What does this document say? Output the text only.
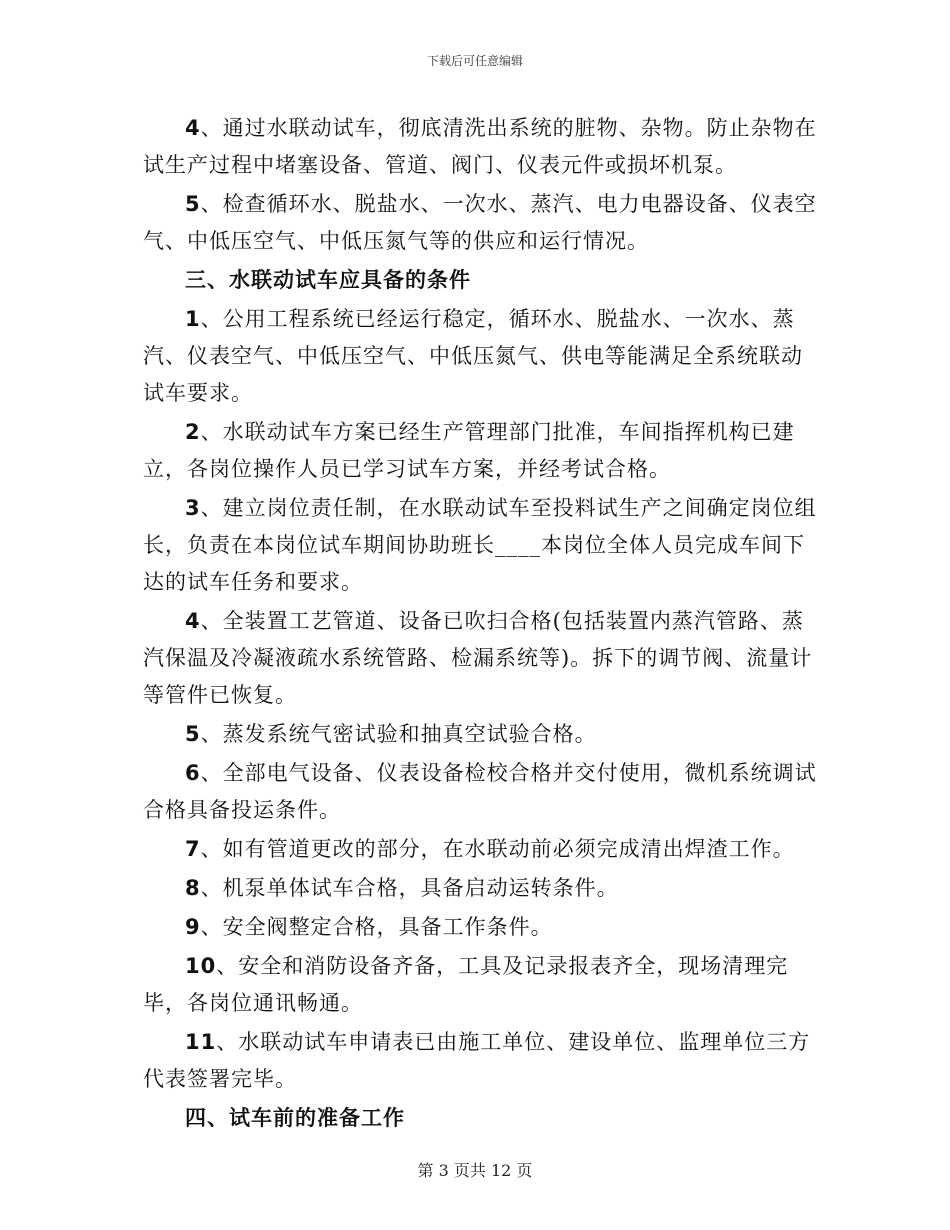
下载后可任意编辑

4、通过水联动试车，彻底清洗出系统的脏物、杂物。防止杂物在试生产过程中堵塞设备、管道、阀门、仪表元件或损坏机泵。

5、检查循环水、脱盐水、一次水、蒸汽、电力电器设备、仪表空气、中低压空气、中低压氮气等的供应和运行情况。

三、水联动试车应具备的条件

1、公用工程系统已经运行稳定，循环水、脱盐水、一次水、蒸汽、仪表空气、中低压空气、中低压氮气、供电等能满足全系统联动试车要求。

2、水联动试车方案已经生产管理部门批准，车间指挥机构已建立，各岗位操作人员已学习试车方案，并经考试合格。

3、建立岗位责任制，在水联动试车至投料试生产之间确定岗位组长，负责在本岗位试车期间协助班长____本岗位全体人员完成车间下达的试车任务和要求。

4、全装置工艺管道、设备已吹扫合格(包括装置内蒸汽管路、蒸汽保温及冷凝液疏水系统管路、检漏系统等)。拆下的调节阀、流量计等管件已恢复。

5、蒸发系统气密试验和抽真空试验合格。

6、全部电气设备、仪表设备检校合格并交付使用，微机系统调试合格具备投运条件。

7、如有管道更改的部分，在水联动前必须完成清出焊渣工作。

8、机泵单体试车合格，具备启动运转条件。

9、安全阀整定合格，具备工作条件。

10、安全和消防设备齐备，工具及记录报表齐全，现场清理完毕，各岗位通讯畅通。

11、水联动试车申请表已由施工单位、建设单位、监理单位三方代表签署完毕。

四、试车前的准备工作

第 3 页共 12 页
